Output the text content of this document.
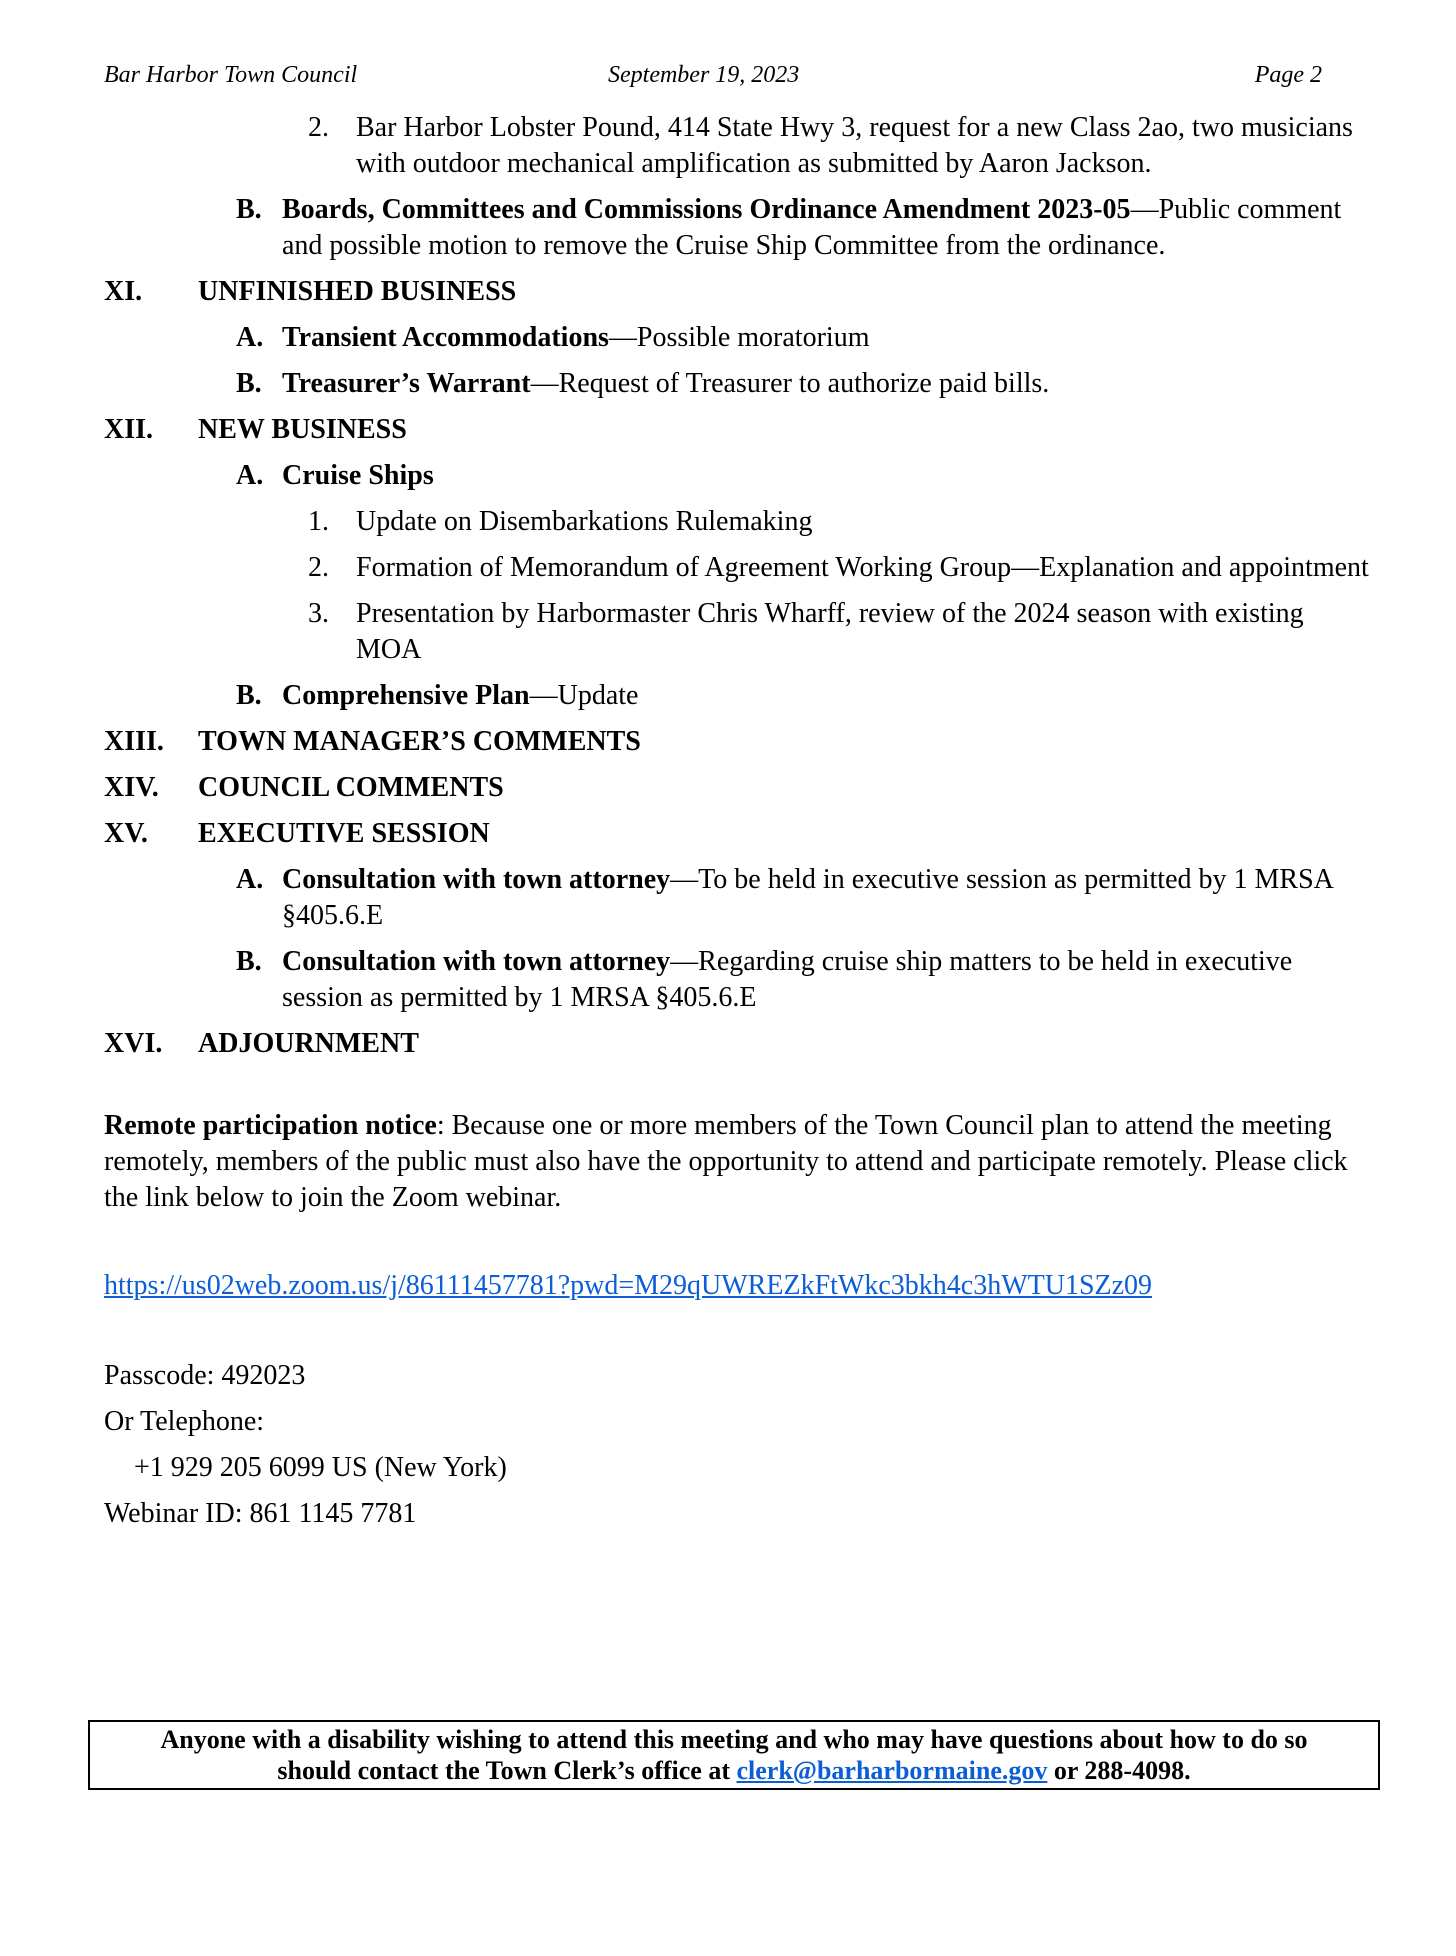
Bar Harbor Town Council	September 19, 2023	Page 2
2. Bar Harbor Lobster Pound, 414 State Hwy 3, request for a new Class 2ao, two musicians with outdoor mechanical amplification as submitted by Aaron Jackson.
B. Boards, Committees and Commissions Ordinance Amendment 2023-05—Public comment and possible motion to remove the Cruise Ship Committee from the ordinance.
XI. UNFINISHED BUSINESS
A. Transient Accommodations—Possible moratorium
B. Treasurer’s Warrant—Request of Treasurer to authorize paid bills.
XII. NEW BUSINESS
A. Cruise Ships
1. Update on Disembarkations Rulemaking
2. Formation of Memorandum of Agreement Working Group—Explanation and appointment
3. Presentation by Harbormaster Chris Wharff, review of the 2024 season with existing MOA
B. Comprehensive Plan—Update
XIII. TOWN MANAGER’S COMMENTS
XIV. COUNCIL COMMENTS
XV. EXECUTIVE SESSION
A. Consultation with town attorney—To be held in executive session as permitted by 1 MRSA §405.6.E
B. Consultation with town attorney—Regarding cruise ship matters to be held in executive session as permitted by 1 MRSA §405.6.E
XVI. ADJOURNMENT
Remote participation notice: Because one or more members of the Town Council plan to attend the meeting remotely, members of the public must also have the opportunity to attend and participate remotely. Please click the link below to join the Zoom webinar.
https://us02web.zoom.us/j/86111457781?pwd=M29qUWREZkFtWkc3bkh4c3hWTU1SZz09
Passcode: 492023
Or Telephone:
+1 929 205 6099 US (New York)
Webinar ID: 861 1145 7781
Anyone with a disability wishing to attend this meeting and who may have questions about how to do so
should contact the Town Clerk’s office at clerk@barharbormaine.gov or 288-4098.
